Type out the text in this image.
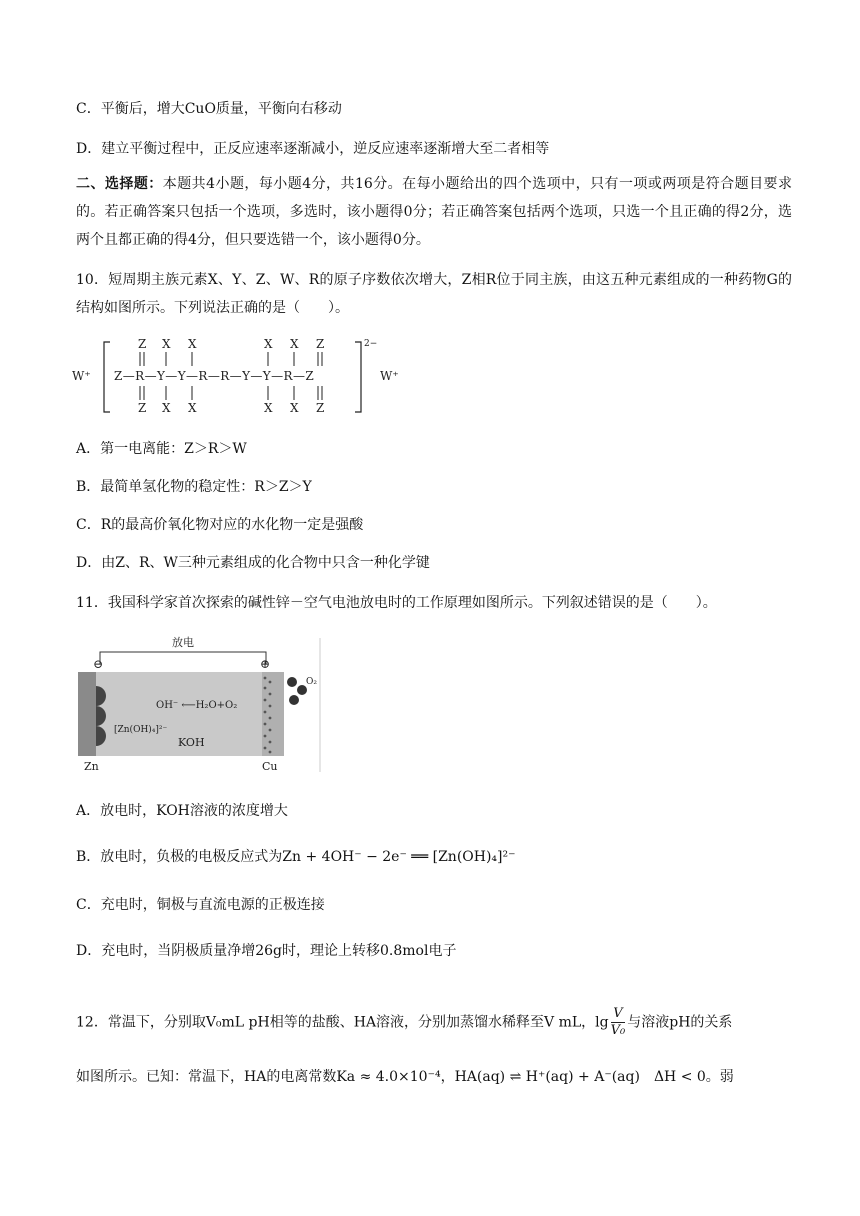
C．平衡后，增大CuO质量，平衡向右移动
D．建立平衡过程中，正反应速率逐渐减小，逆反应速率逐渐增大至二者相等
二、选择题：本题共4小题，每小题4分，共16分。在每小题给出的四个选项中，只有一项或两项是符合题目要求的。若正确答案只包括一个选项，多选时，该小题得0分；若正确答案包括两个选项，只选一个且正确的得2分，选两个且都正确的得4分，但只要选错一个，该小题得0分。
10．短周期主族元素X、Y、Z、W、R的原子序数依次增大，Z相R位于同主族，由这五种元素组成的一种药物G的结构如图所示。下列说法正确的是（　　）。
W⁺
2−
W⁺
Z X X	X X Z
Z—R—Y—Y—R—R—Y—Y—R—Z
Z X X	X X Z
A．第一电离能：Z＞R＞W
B．最简单氢化物的稳定性：R＞Z＞Y
C．R的最高价氧化物对应的水化物一定是强酸
D．由Z、R、W三种元素组成的化合物中只含一种化学键
11．我国科学家首次探索的碱性锌－空气电池放电时的工作原理如图所示。下列叙述错误的是（　　）。
放电
⊖	⊕
O₂
OH⁻ ⟵H₂O+O₂
[Zn(OH)₄]²⁻
KOH
Zn	Cu
A．放电时，KOH溶液的浓度增大
B．放电时，负极的电极反应式为Zn + 4OH⁻ − 2e⁻ ══ [Zn(OH)₄]²⁻
C．充电时，铜极与直流电源的正极连接
D．充电时，当阴极质量净增26g时，理论上转移0.8mol电子
12．常温下，分别取V₀mL pH相等的盐酸、HA溶液，分别加蒸馏水稀释至V mL，$\lg \frac{V}{\text{V₀}}$ 与溶液pH的关系
如图所示。已知：常温下，HA的电离常数Ka ≈ 4.0×10⁻⁴，HA(aq) ⇌ H⁺(aq) + A⁻(aq)　ΔH < 0。弱
